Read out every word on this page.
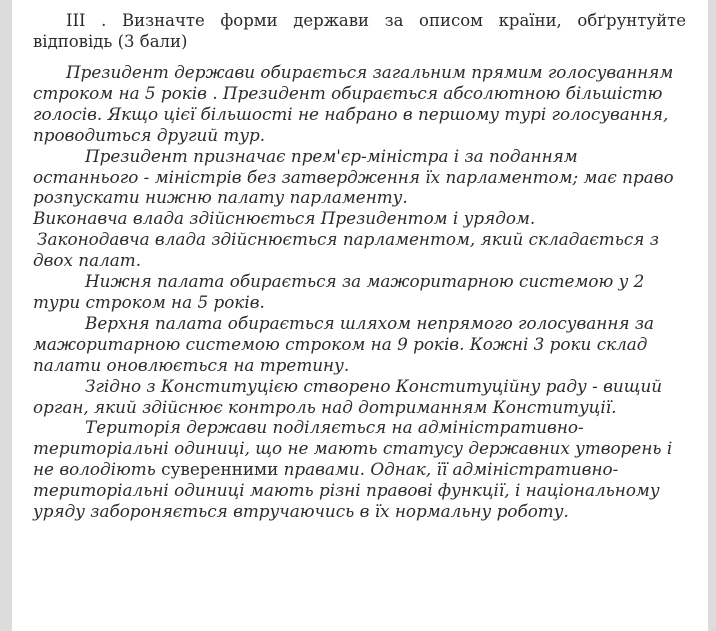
III . Визначте форми держави за описом країни, обґрунтуйте відповідь (3 бали)

Президент держави обирається загальним прямим голосуванням строком на 5 років . Президент обирається абсолютною більшістю голосів. Якщо цієї більшості не набрано в першому турі голосування, проводиться другий тур.

Президент призначає прем'єр-міністра і за поданням останнього - міністрів без затвердження їх парламентом; має право розпускати нижню палату парламенту.

Виконавча влада здійснюється Президентом і урядом.

Законодавча влада здійснюється парламентом, який складається з двох палат.

Нижня палата обирається за мажоритарною системою у 2 тури строком на 5 років.

Верхня палата обирається шляхом непрямого голосування за мажоритарною системою строком на 9 років. Кожні 3 роки склад палати оновлюється на третину.

Згідно з Конституцією створено Конституційну раду - вищий орган, який здійснює контроль над дотриманням Конституції.

Територія держави поділяється на адміністративно-територіальні одиниці, що не мають статусу державних утворень і не володіють суверенними правами. Однак, її адміністративно-територіальні одиниці мають різні правові функції, і національному уряду забороняється втручаючись в їх нормальну роботу.
